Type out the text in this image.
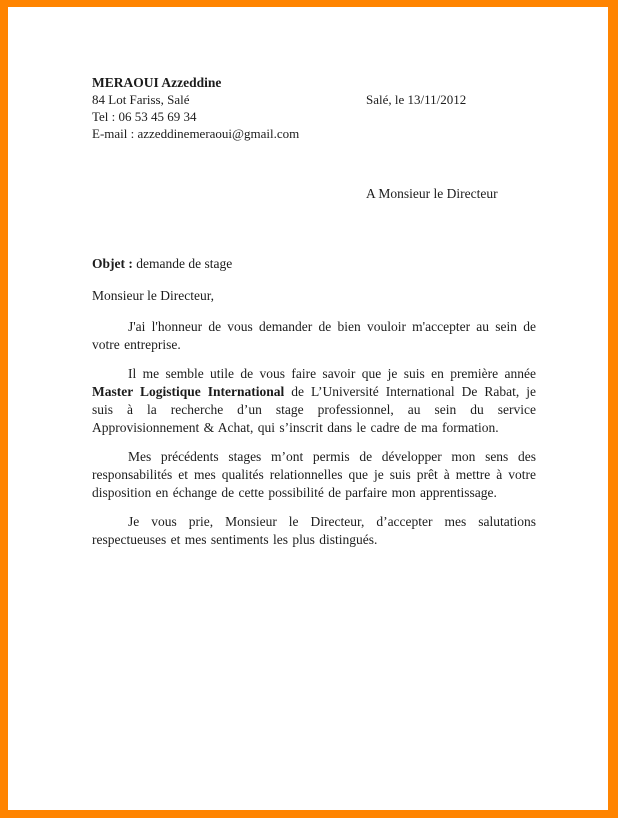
MERAOUI Azzeddine
84 Lot Fariss, Salé
Tel : 06 53 45 69 34
E-mail : azzeddinemeraoui@gmail.com
Salé, le 13/11/2012
A Monsieur le Directeur

Objet : demande de stage

Monsieur le Directeur,

J'ai l'honneur de vous demander de bien vouloir m'accepter au sein de votre entreprise.

Il me semble utile de vous faire savoir que je suis en première année Master Logistique International de L’Université International De Rabat, je suis à la recherche d’un stage professionnel, au sein du service Approvisionnement & Achat, qui s’inscrit dans le cadre de ma formation.

Mes précédents stages m’ont permis de développer mon sens des responsabilités et mes qualités relationnelles que je suis prêt à mettre à votre disposition en échange de cette possibilité de parfaire mon apprentissage.

Je vous prie, Monsieur le Directeur, d’accepter mes salutations respectueuses et mes sentiments les plus distingués.
